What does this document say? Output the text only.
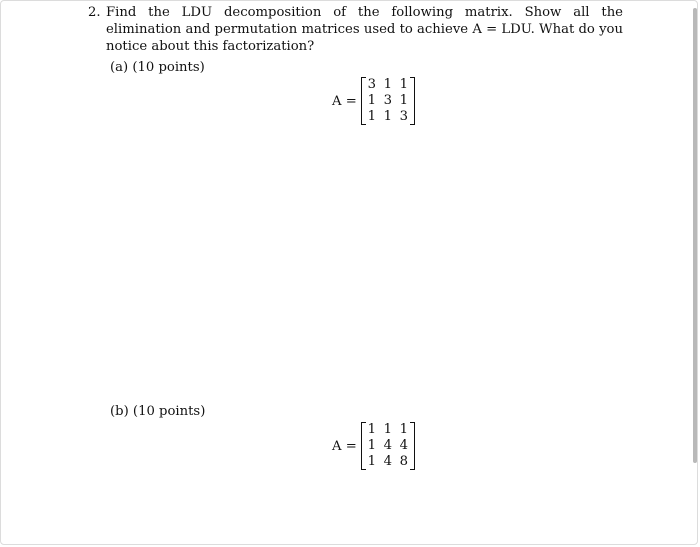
2. Find the LDU decomposition of the following matrix. Show all the elimination and permutation matrices used to achieve A = LDU. What do you notice about this factorization?
(a) (10 points)
A =
3 1 1
1 3 1
1 1 3
(b) (10 points)
A =
1 1 1
1 4 4
1 4 8
